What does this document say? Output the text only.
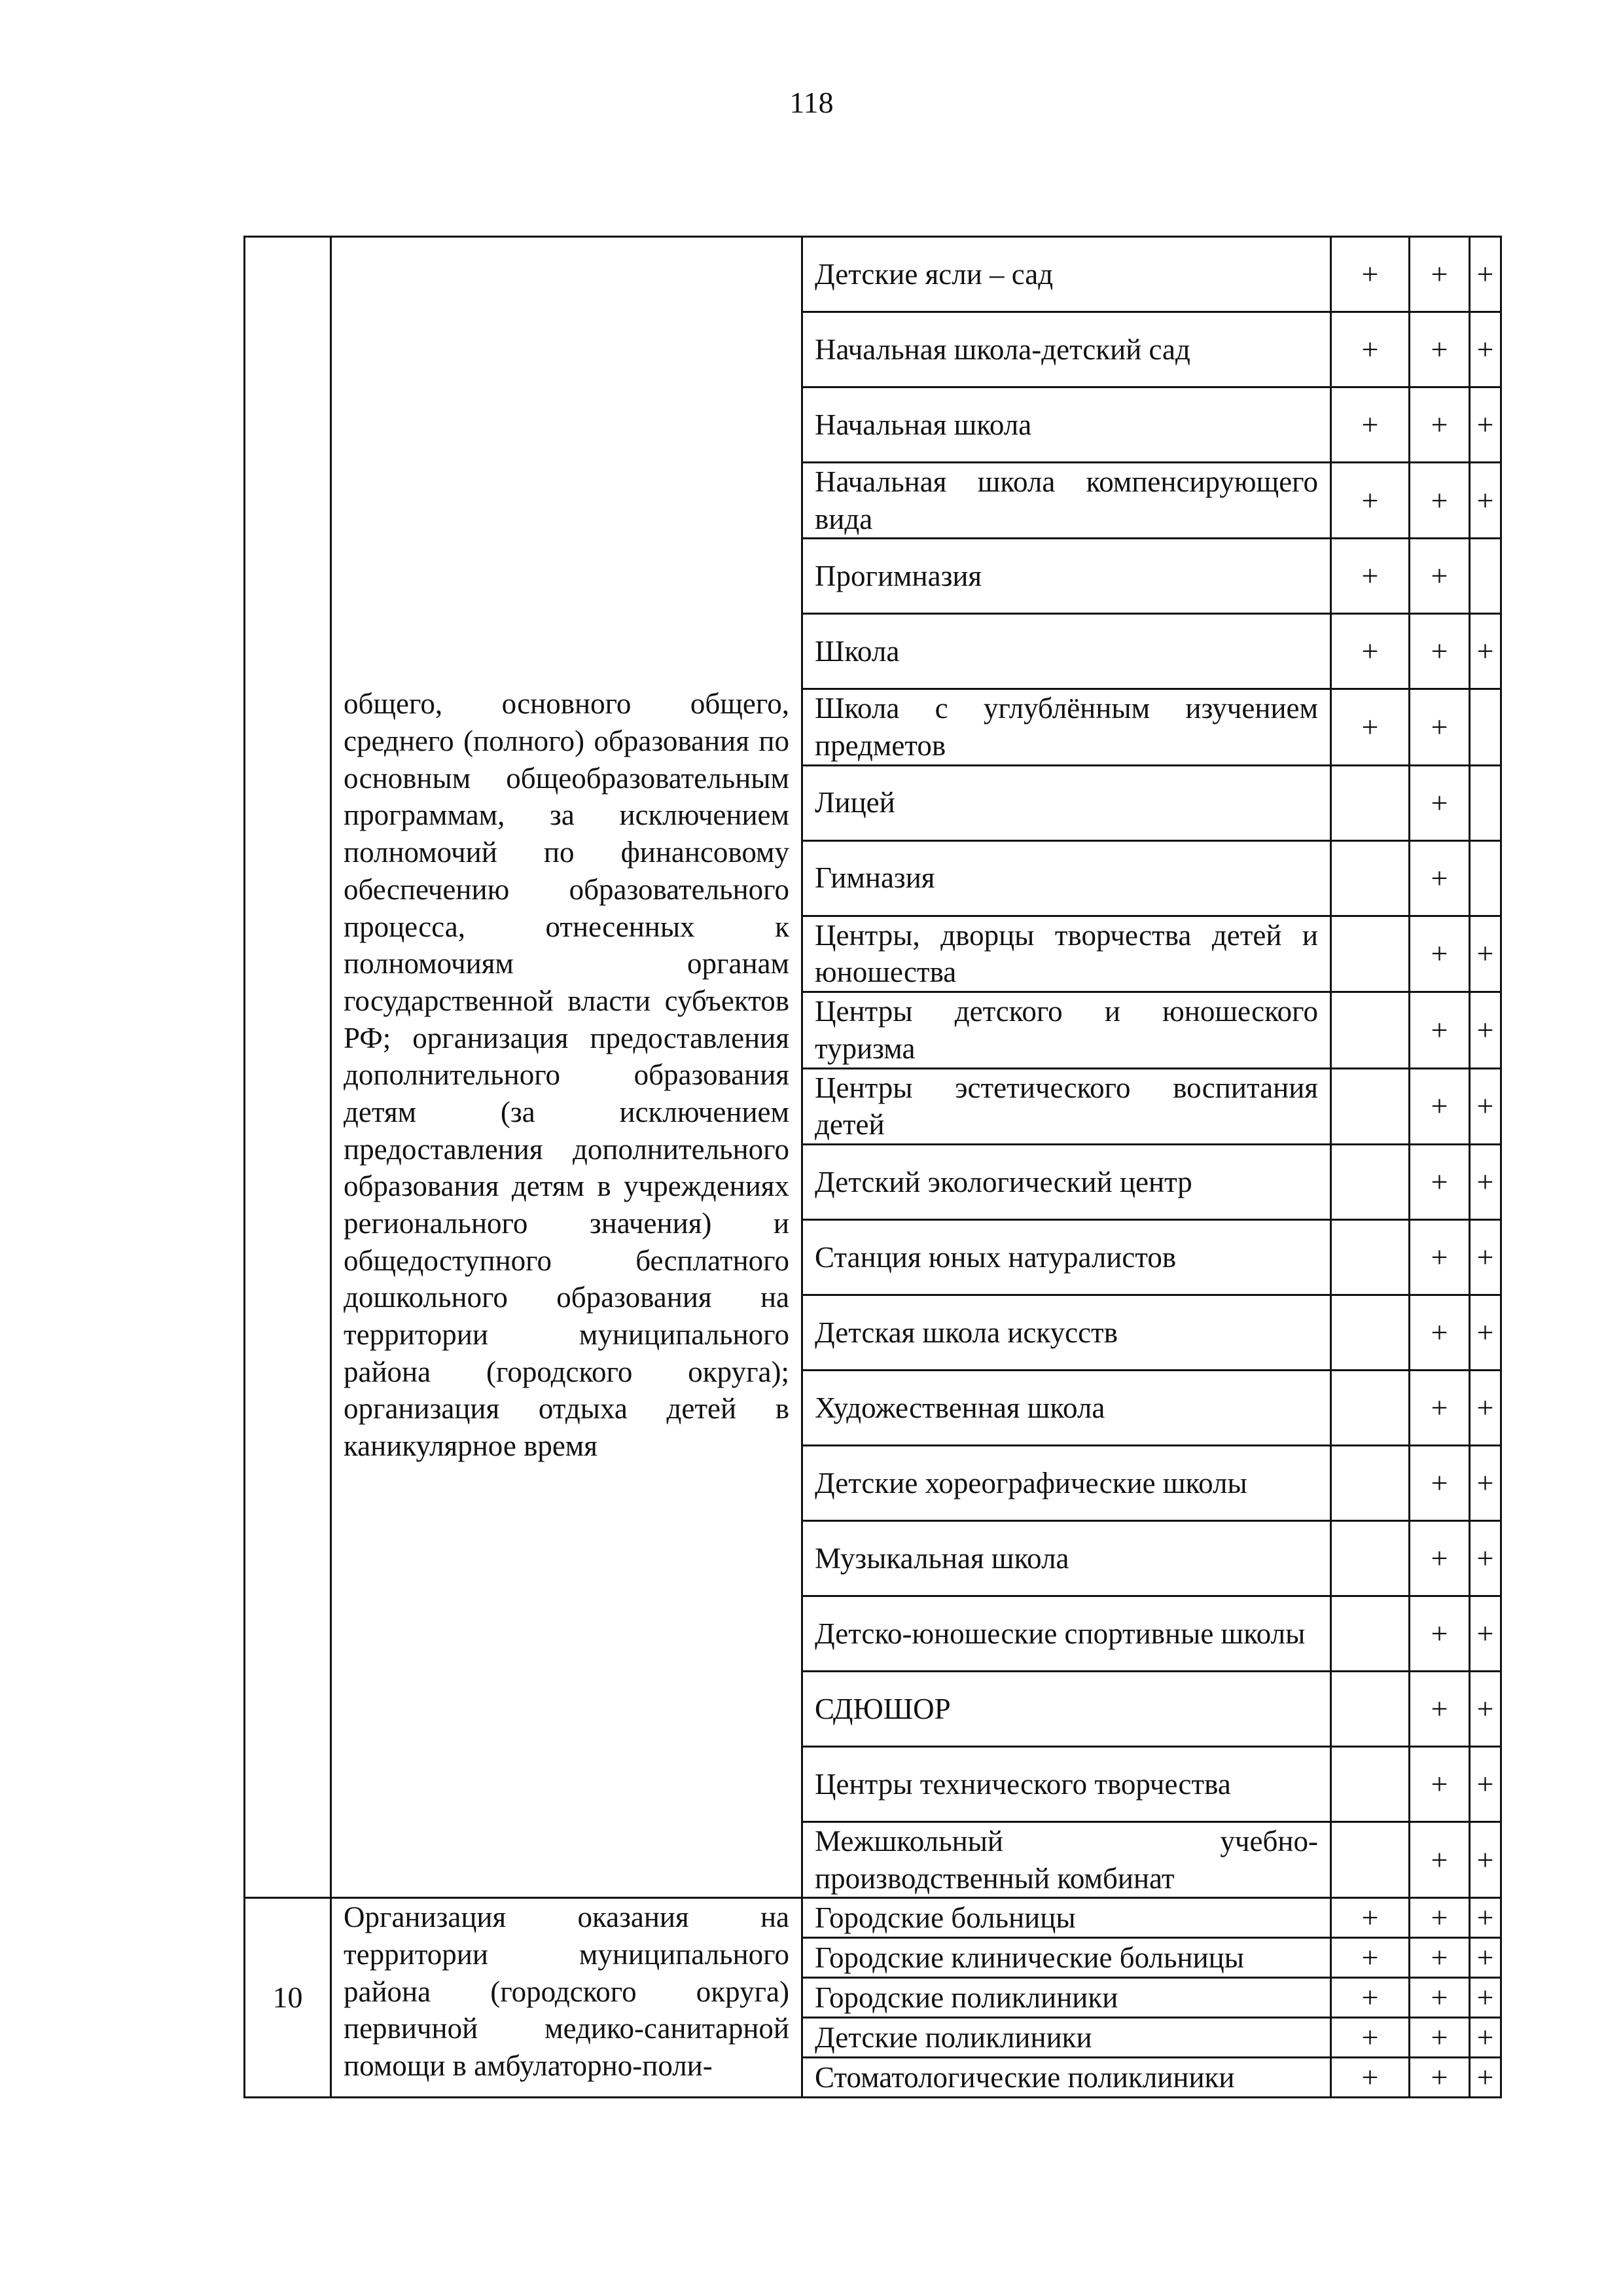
118
	общего, основного общего, среднего (полного) образования по основным общеобразовательным программам, за исключением полномочий по финансовому обеспечению образовательного процесса, отнесенных к полномочиям органам государственной власти субъектов РФ; организация предоставления дополнительного образования детям (за исключением предоставления дополнительного образования детям в учреждениях регионального значения) и общедоступного бесплатного дошкольного образования на территории муниципального района (городского округа); организация отдыха детей в каникулярное время	Детские ясли – сад	+	+	+
		Начальная школа-детский сад	+	+	+
		Начальная школа	+	+	+
		Начальная школа компенсирующего вида	+	+	+
		Прогимназия	+	+	
		Школа	+	+	+
		Школа с углублённым изучением предметов	+	+	
		Лицей		+	
		Гимназия		+	
		Центры, дворцы творчества детей и юношества		+	+
		Центры детского и юношеского туризма		+	+
		Центры эстетического воспитания детей		+	+
		Детский экологический центр		+	+
		Станция юных натуралистов		+	+
		Детская школа искусств		+	+
		Художественная школа		+	+
		Детские хореографические школы		+	+
		Музыкальная школа		+	+
		Детско-юношеские спортивные школы		+	+
		СДЮШОР		+	+
		Центры технического творчества		+	+
		Межшкольный учебно-производственный комбинат		+	+
10	Организация оказания на территории муниципального района (городского округа) первичной медико-санитарной помощи в амбулаторно-поли-	Городские больницы	+	+	+
		Городские клинические больницы	+	+	+
		Городские поликлиники	+	+	+
		Детские поликлиники	+	+	+
		Стоматологические поликлиники	+	+	+
